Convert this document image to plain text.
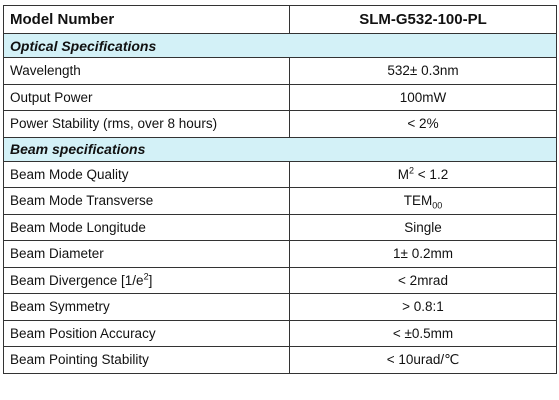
Model Number	SLM-G532-100-PL
Optical Specifications	
Wavelength	532± 0.3nm
Output Power	100mW
Power Stability (rms, over 8 hours)	< 2%
Beam specifications	
Beam Mode Quality	$M^2 < 1.2$
Beam Mode Transverse	$TEM_{00}$
Beam Mode Longitude	Single
Beam Diameter	1± 0.2mm
Beam Divergence $[1/e^2]$	< 2mrad
Beam Symmetry	> 0.8:1
Beam Position Accuracy	< ±0.5mm
Beam Pointing Stability	< 10urad/℃
